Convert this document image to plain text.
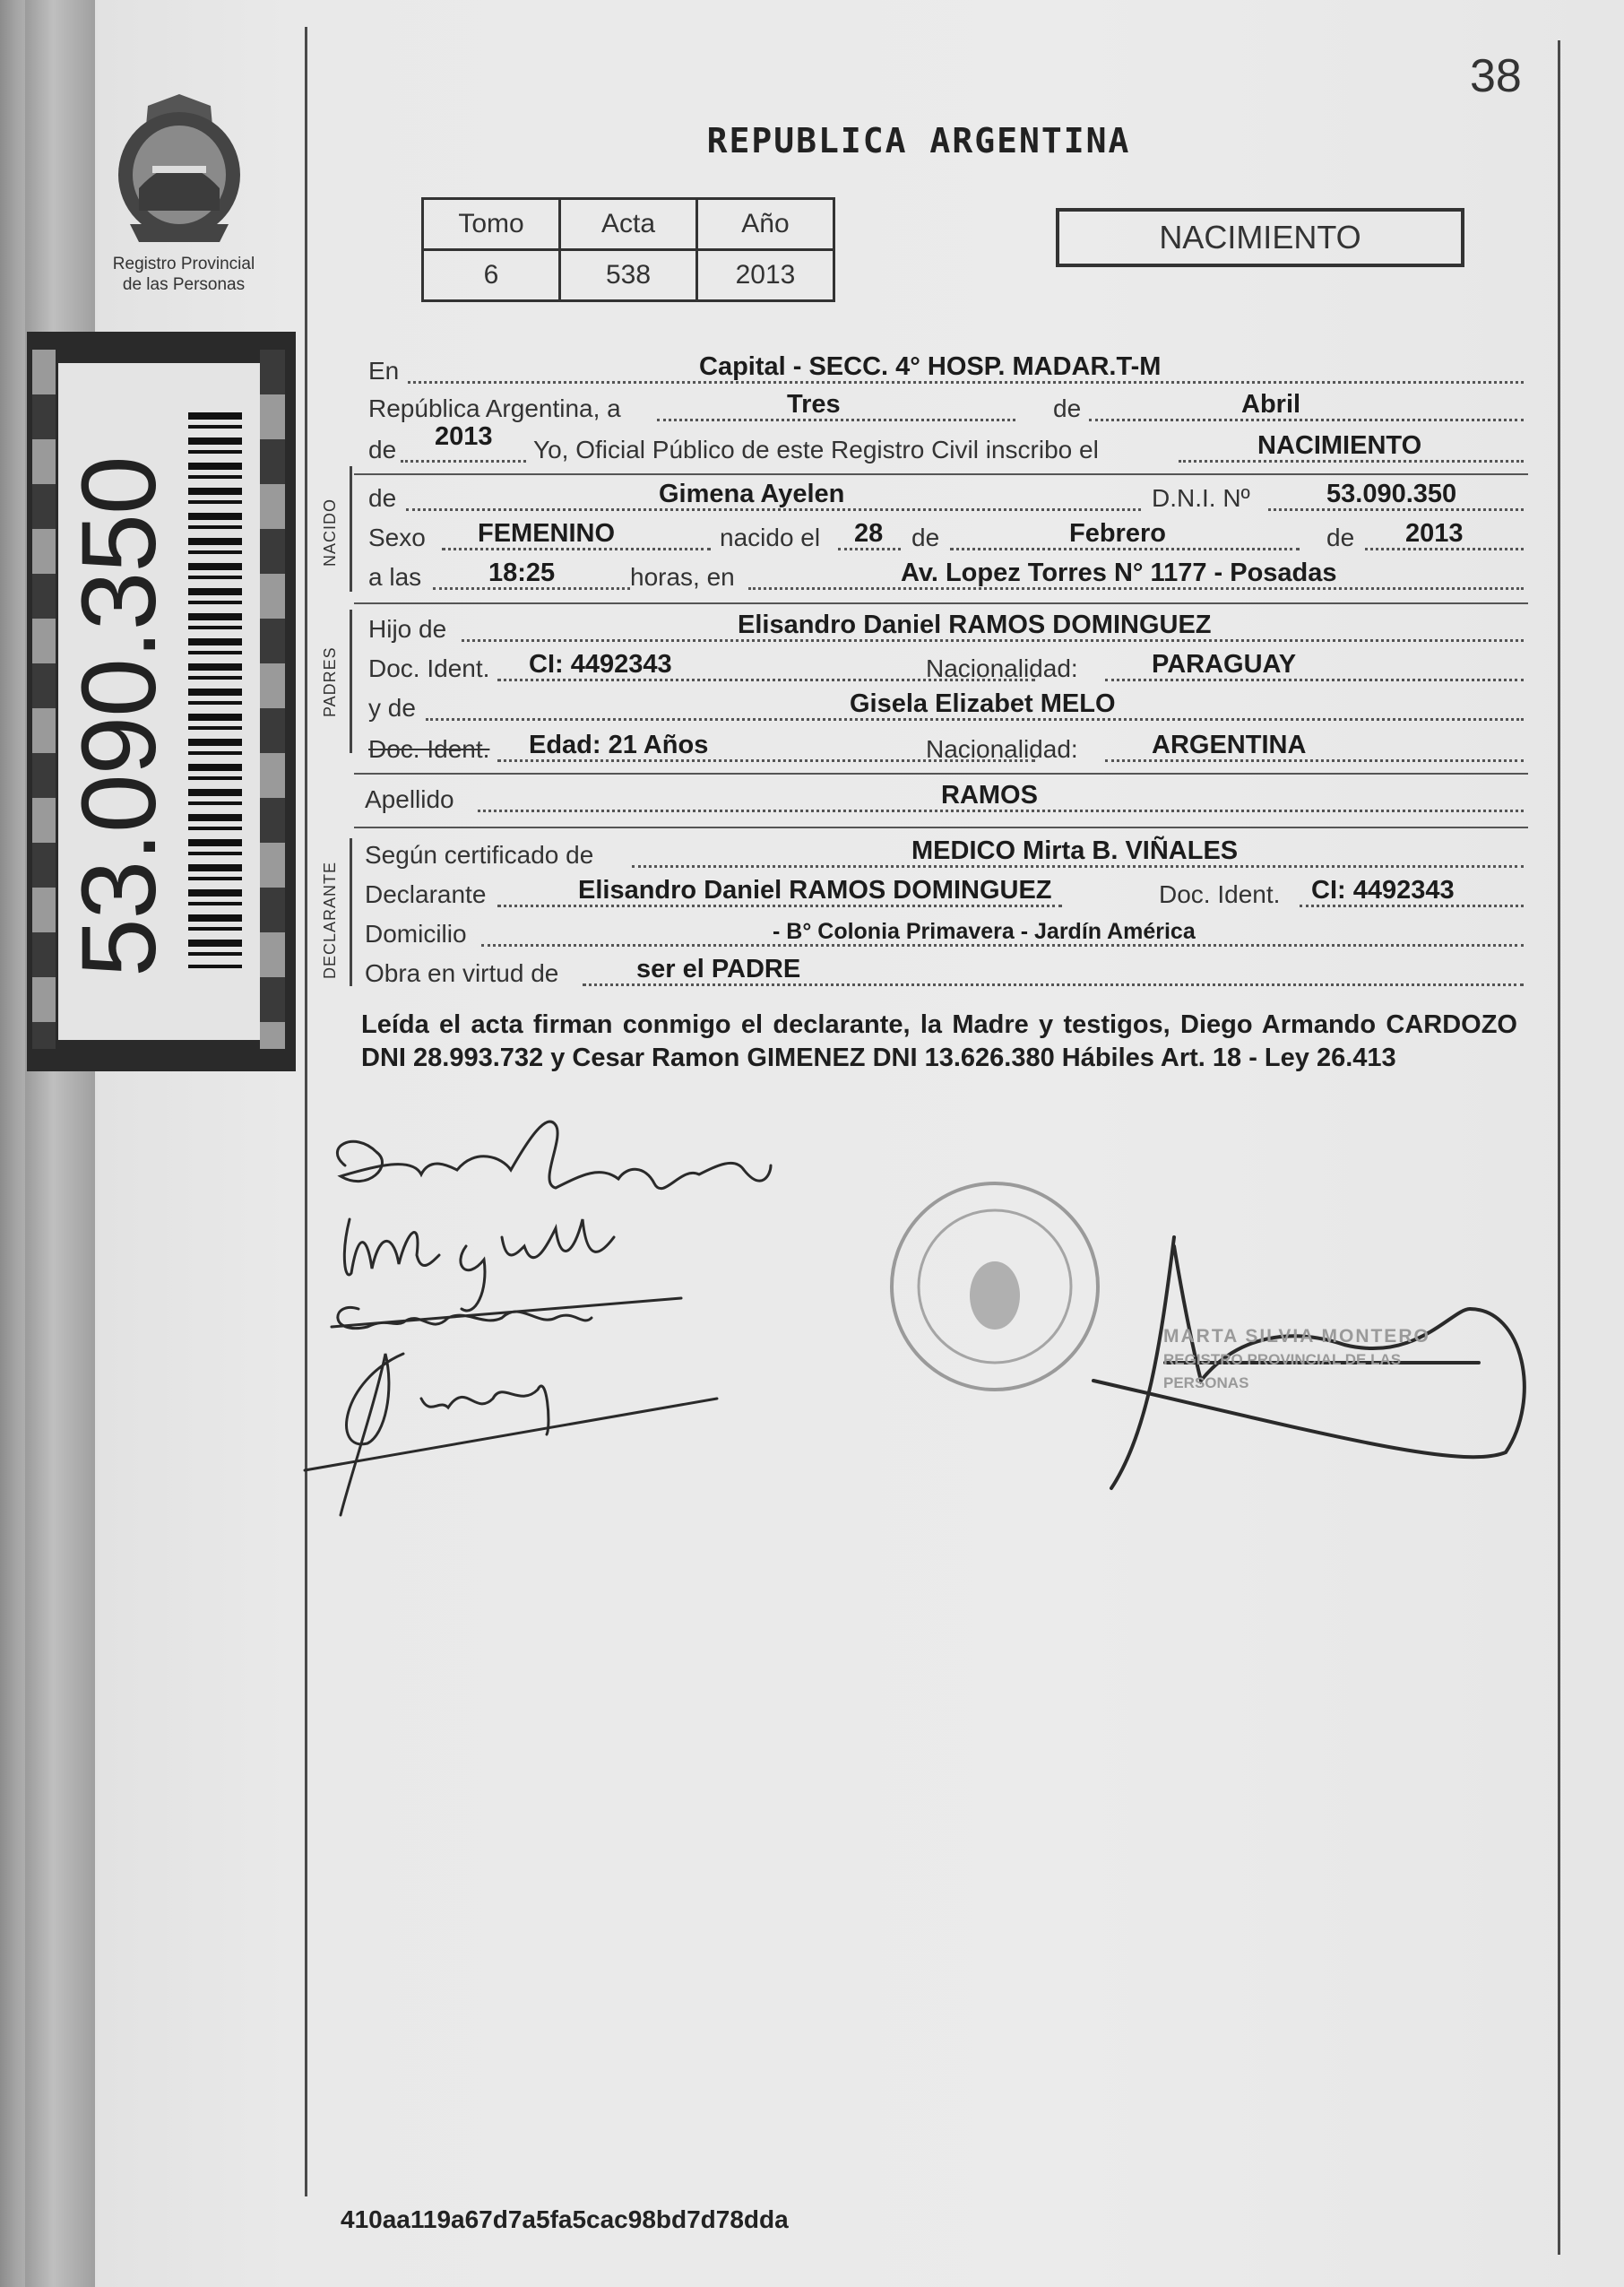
38
Registro Provincial
de las Personas
53.090.350
REPUBLICA ARGENTINA
Tomo	Acta	Año
6	538	2013
NACIMIENTO
NACIDO
PADRES
DECLARANTE
En	Capital - SECC. 4° HOSP. MADAR.T-M
República Argentina, a	Tres	de	Abril
de 2013 Yo, Oficial Público de este Registro Civil inscribo el	NACIMIENTO
de	Gimena Ayelen	D.N.I. Nº	53.090.350
Sexo FEMENINO	nacido el 28 de	Febrero	de 2013
a las	18:25	horas, en	Av. Lopez Torres N° 1177 - Posadas
Hijo de	Elisandro Daniel RAMOS DOMINGUEZ
Doc. Ident. CI: 4492343	Nacionalidad:	PARAGUAY
y de	Gisela Elizabet MELO
Doc. Ident. Edad: 21 Años	Nacionalidad:	ARGENTINA
Apellido	RAMOS
Según certificado de	MEDICO Mirta B. VIÑALES
Declarante	Elisandro Daniel RAMOS DOMINGUEZ	Doc. Ident. CI: 4492343
Domicilio	- B° Colonia Primavera - Jardín América
Obra en virtud de	ser el PADRE
Leída el acta firman conmigo el declarante, la Madre y testigos, Diego Armando CARDOZO DNI 28.993.732 y Cesar Ramon GIMENEZ DNI 13.626.380 Hábiles Art. 18 - Ley 26.413
MARTA SILVIA MONTERO
REGISTRO PROVINCIAL DE LAS PERSONAS
410aa119a67d7a5fa5cac98bd7d78dda
